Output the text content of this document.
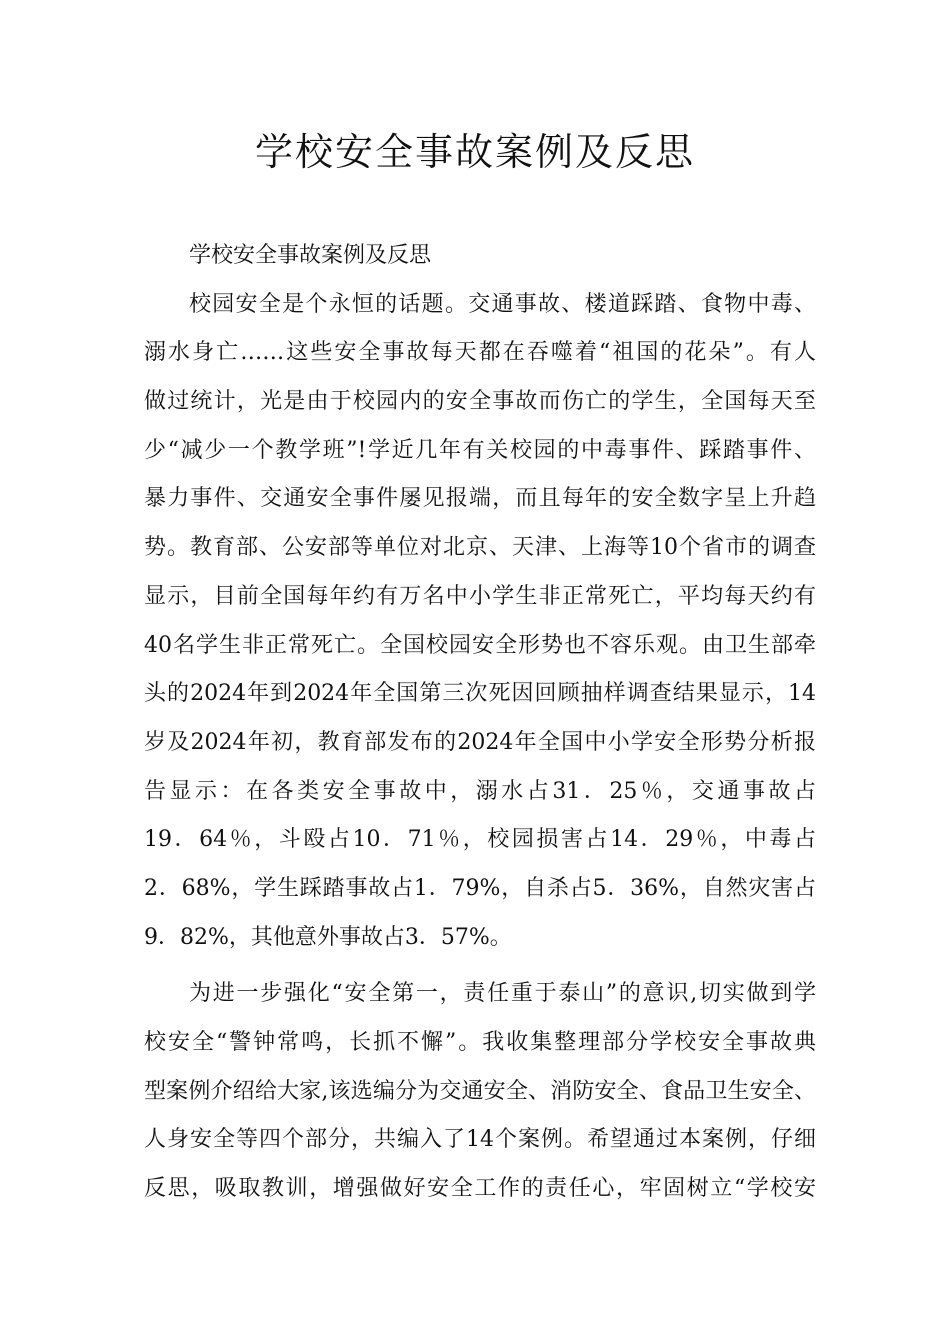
学校安全事故案例及反思
学校安全事故案例及反思
校园安全是个永恒的话题。交通事故、楼道踩踏、食物中毒、
溺水身亡……这些安全事故每天都在吞噬着“祖国的花朵”。有人
做过统计，光是由于校园内的安全事故而伤亡的学生，全国每天至
少“减少一个教学班”!学近几年有关校园的中毒事件、踩踏事件、
暴力事件、交通安全事件屡见报端，而且每年的安全数字呈上升趋
势。教育部、公安部等单位对北京、天津、上海等10个省市的调查
显示，目前全国每年约有万名中小学生非正常死亡，平均每天约有
40名学生非正常死亡。全国校园安全形势也不容乐观。由卫生部牵
头的2024年到2024年全国第三次死因回顾抽样调查结果显示，14
岁及2024年初，教育部发布的2024年全国中小学安全形势分析报
告显示：在各类安全事故中，溺水占31．25％，交通事故占
19．64％，斗殴占10．71％，校园损害占14．29％，中毒占
2．68%，学生踩踏事故占1．79%，自杀占5．36%，自然灾害占
9．82%，其他意外事故占3．57%。
为进一步强化“安全第一，责任重于泰山”的意识,切实做到学
校安全“警钟常鸣，长抓不懈”。我收集整理部分学校安全事故典
型案例介绍给大家,该选编分为交通安全、消防安全、食品卫生安全、
人身安全等四个部分，共编入了14个案例。希望通过本案例，仔细
反思，吸取教训，增强做好安全工作的责任心，牢固树立“学校安
